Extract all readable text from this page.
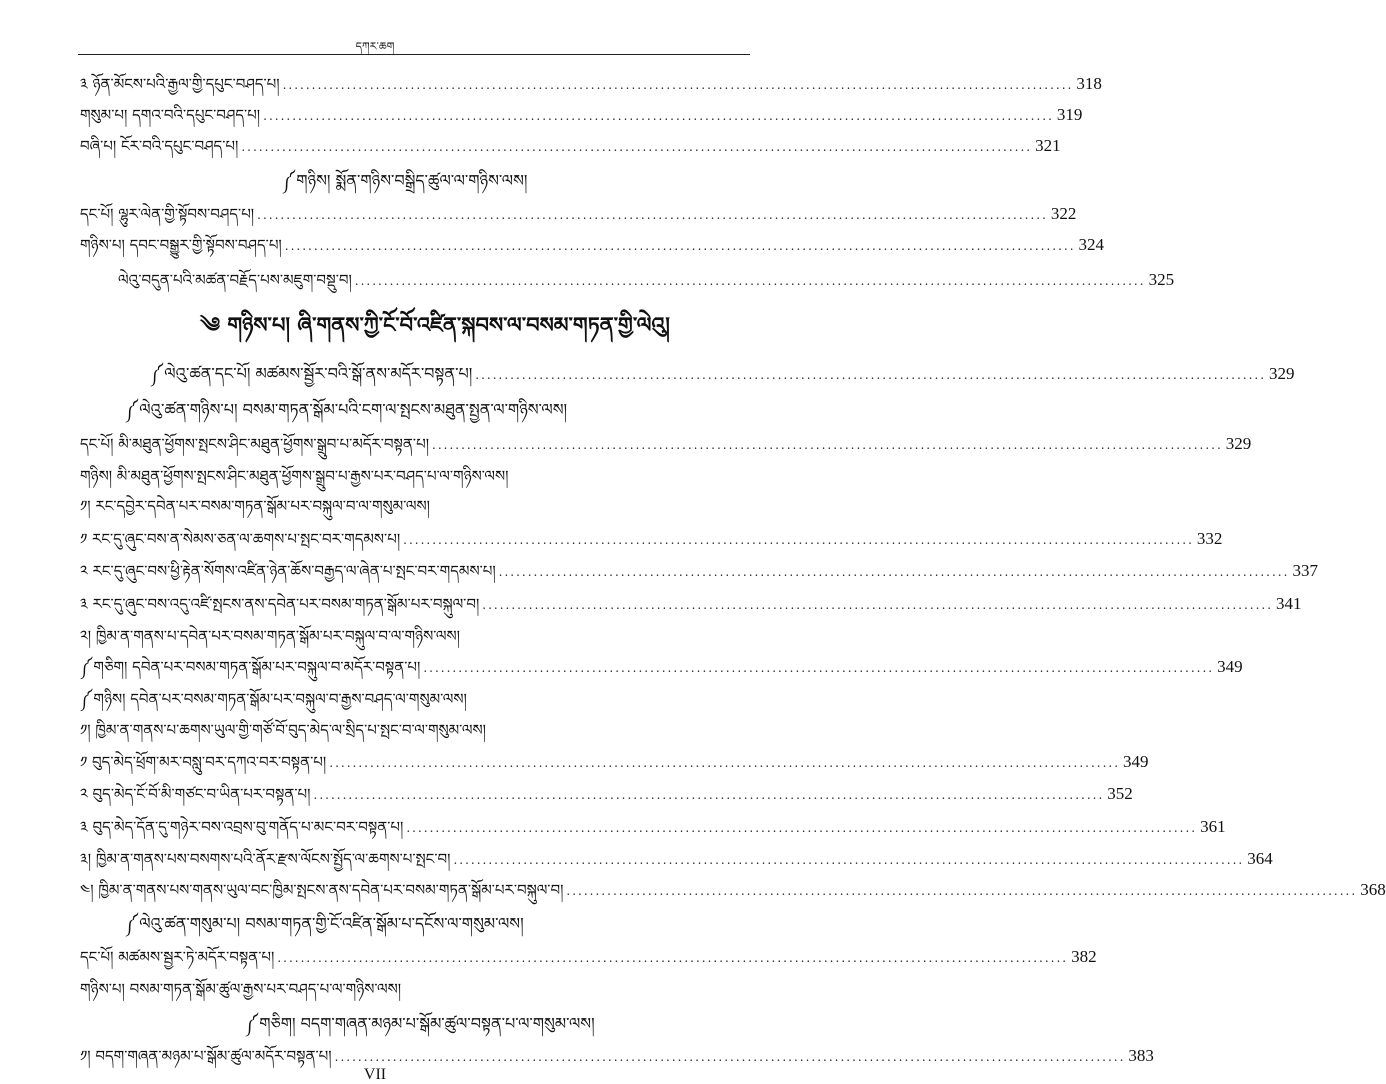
དཀར་ཆག
༣ ཉོན་མོངས་པའི་རྒྱལ་གྱི་དཔུང་བཤད་པ། ........................................................................................................................................ 318
གསུམ་པ། དགའ་བའི་དཔུང་བཤད་པ། ........................................................................................................................................ 319
བཞི་པ། ངོར་བའི་དཔུང་བཤད་པ། ........................................................................................................................................ 321
༼གཉིས། སྨོན་གཉིས་བསྒྲིད་ཚུལ་ལ་གཉིས་ལས།
དང་པོ། ལྷུར་ལེན་གྱི་སྟོབས་བཤད་པ། ........................................................................................................................................ 322
གཉིས་པ། དབང་བསྒྱུར་གྱི་སྟོབས་བཤད་པ། ........................................................................................................................................ 324
ལེའུ་བདུན་པའི་མཚན་བརྗོད་པས་མཇུག་བསྡུ་བ། ........................................................................................................................................ 325
༄ གཉིས་པ། ཞི་གནས་ཀྱི་ངོ་བོ་འཛིན་སྐབས་ལ་བསམ་གཏན་གྱི་ལེའུ།
༼ལེའུ་ཚན་དང་པོ། མཚམས་སྦྱོར་བའི་སྒོ་ནས་མདོར་བསྟན་པ། ........................................................................................................................................ 329
༼ལེའུ་ཚན་གཉིས་པ། བསམ་གཏན་སྒོམ་པའི་ངག་ལ་སྤངས་མཐུན་སྤྱན་ལ་གཉིས་ལས།
དང་པོ། མི་མཐུན་ཕྱོགས་སྤངས་ཤིང་མཐུན་ཕྱོགས་སྒྲུབ་པ་མདོར་བསྟན་པ། ........................................................................................................................................ 329
གཉིས། མི་མཐུན་ཕྱོགས་སྤངས་ཤིང་མཐུན་ཕྱོགས་སྒྲུབ་པ་རྒྱས་པར་བཤད་པ་ལ་གཉིས་ལས།
༡། རང་དབྱེར་དབེན་པར་བསམ་གཏན་སྒོམ་པར་བསྐུལ་བ་ལ་གསུམ་ལས།
༡ རང་དུ་ཞུང་བས་ན་སེམས་ཅན་ལ་ཆགས་པ་སྤང་བར་གདམས་པ། ........................................................................................................................................ 332
༢ རང་དུ་ཞུང་བས་ཕྱི་རྟེན་སོགས་འཛིན་ཉེན་ཆོས་བརྒྱད་ལ་ཞེན་པ་སྤང་བར་གདམས་པ། ........................................................................................................................................ 337
༣ རང་དུ་ཞུང་བས་འདུ་འཛི་སྤངས་ནས་དབེན་པར་བསམ་གཏན་སྒོམ་པར་བསྐུལ་བ། ........................................................................................................................................ 341
༢། ཁྱིམ་ན་གནས་པ་དབེན་པར་བསམ་གཏན་སྒོམ་པར་བསྐུལ་བ་ལ་གཉིས་ལས།
༼གཅིག། དབེན་པར་བསམ་གཏན་སྒོམ་པར་བསྐུལ་བ་མདོར་བསྟན་པ། ........................................................................................................................................ 349
༼གཉིས། དབེན་པར་བསམ་གཏན་སྒོམ་པར་བསྐུལ་བ་རྒྱས་བཤད་ལ་གསུམ་ལས།
༡། ཁྱིམ་ན་གནས་པ་ཆགས་ཡུལ་གྱི་གཙོ་བོ་བུད་མེད་ལ་སྲིད་པ་སྤང་བ་ལ་གསུམ་ལས།
༡ བུད་མེད་ཕྲོག་མར་བསླུ་བར་དཀའ་བར་བསྟན་པ། ........................................................................................................................................ 349
༢ བུད་མེད་ངོ་བོ་མི་གཙང་བ་ཡིན་པར་བསྟན་པ། ........................................................................................................................................ 352
༣ བུད་མེད་དོན་དུ་གཉེར་བས་འབྲས་བུ་གནོད་པ་མང་བར་བསྟན་པ། ........................................................................................................................................ 361
༣། ཁྱིམ་ན་གནས་པས་བསགས་པའི་ནོར་རྫས་ལོངས་སྤྱོད་ལ་ཆགས་པ་སྤང་བ། ........................................................................................................................................ 364
༤། ཁྱིམ་ན་གནས་པས་གནས་ཡུལ་བང་ཁྱིམ་སྤངས་ནས་དབེན་པར་བསམ་གཏན་སྒོམ་པར་བསྐུལ་བ། ........................................................................................................................................ 368
༼ལེའུ་ཚན་གསུམ་པ། བསམ་གཏན་གྱི་ངོ་འཛིན་སྒོམ་པ་དངོས་ལ་གསུམ་ལས།
དང་པོ། མཚམས་སྦྱར་ཏེ་མདོར་བསྟན་པ། ........................................................................................................................................ 382
གཉིས་པ། བསམ་གཏན་སྒོམ་ཚུལ་རྒྱས་པར་བཤད་པ་ལ་གཉིས་ལས།
༼གཅིག། བདག་གཞན་མཉམ་པ་སྒོམ་ཚུལ་བསྟན་པ་ལ་གསུམ་ལས།
༡། བདག་གཞན་མཉམ་པ་སྒོམ་ཚུལ་མདོར་བསྟན་པ། ........................................................................................................................................ 383
VII
